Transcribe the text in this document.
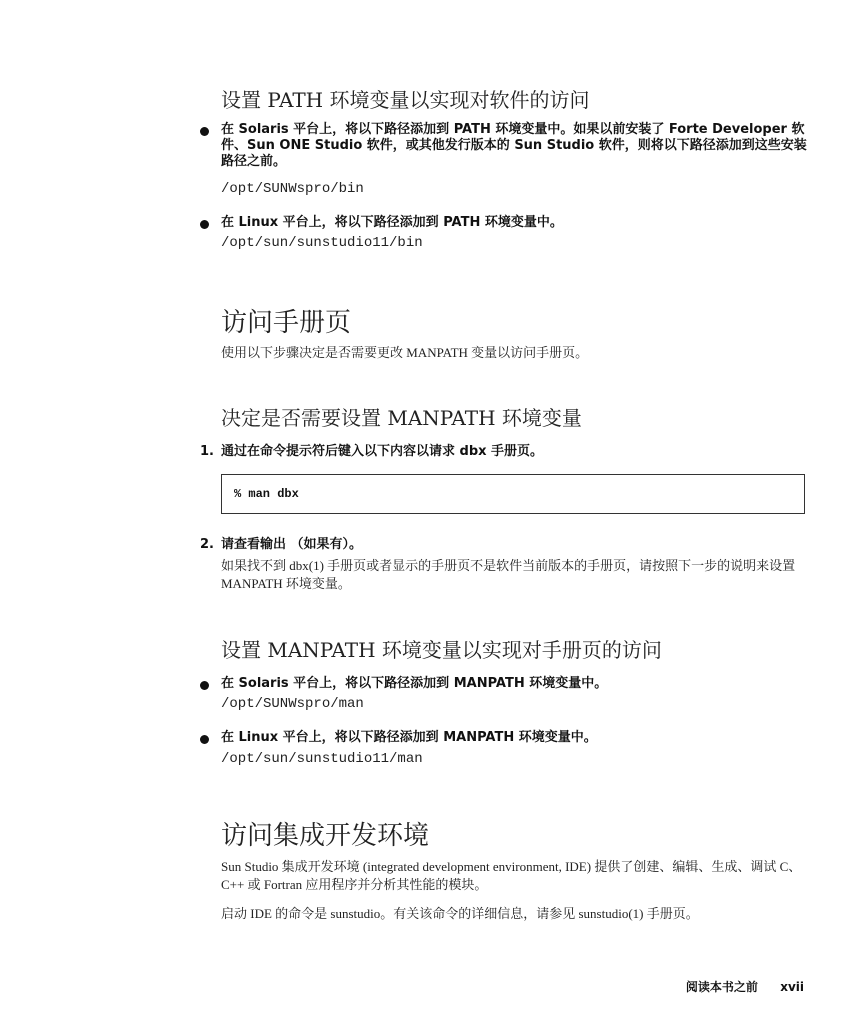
设置 PATH 环境变量以实现对软件的访问
在 Solaris 平台上，将以下路径添加到 PATH 环境变量中。如果以前安装了 Forte Developer 软件、Sun ONE Studio 软件，或其他发行版本的 Sun Studio 软件，则将以下路径添加到这些安装路径之前。
/opt/SUNWspro/bin
在 Linux 平台上，将以下路径添加到 PATH 环境变量中。
/opt/sun/sunstudio11/bin
访问手册页
使用以下步骤决定是否需要更改 MANPATH 变量以访问手册页。
决定是否需要设置 MANPATH 环境变量
1. 通过在命令提示符后键入以下内容以请求 dbx 手册页。
% man dbx
2. 请查看输出 （如果有）。
如果找不到 dbx(1) 手册页或者显示的手册页不是软件当前版本的手册页，请按照下一步的说明来设置 MANPATH 环境变量。
设置 MANPATH 环境变量以实现对手册页的访问
在 Solaris 平台上，将以下路径添加到 MANPATH 环境变量中。
/opt/SUNWspro/man
在 Linux 平台上，将以下路径添加到 MANPATH 环境变量中。
/opt/sun/sunstudio11/man
访问集成开发环境
Sun Studio 集成开发环境 (integrated development environment, IDE) 提供了创建、编辑、生成、调试 C、C++ 或 Fortran 应用程序并分析其性能的模块。
启动 IDE 的命令是 sunstudio。有关该命令的详细信息，请参见 sunstudio(1) 手册页。
阅读本书之前 xvii
